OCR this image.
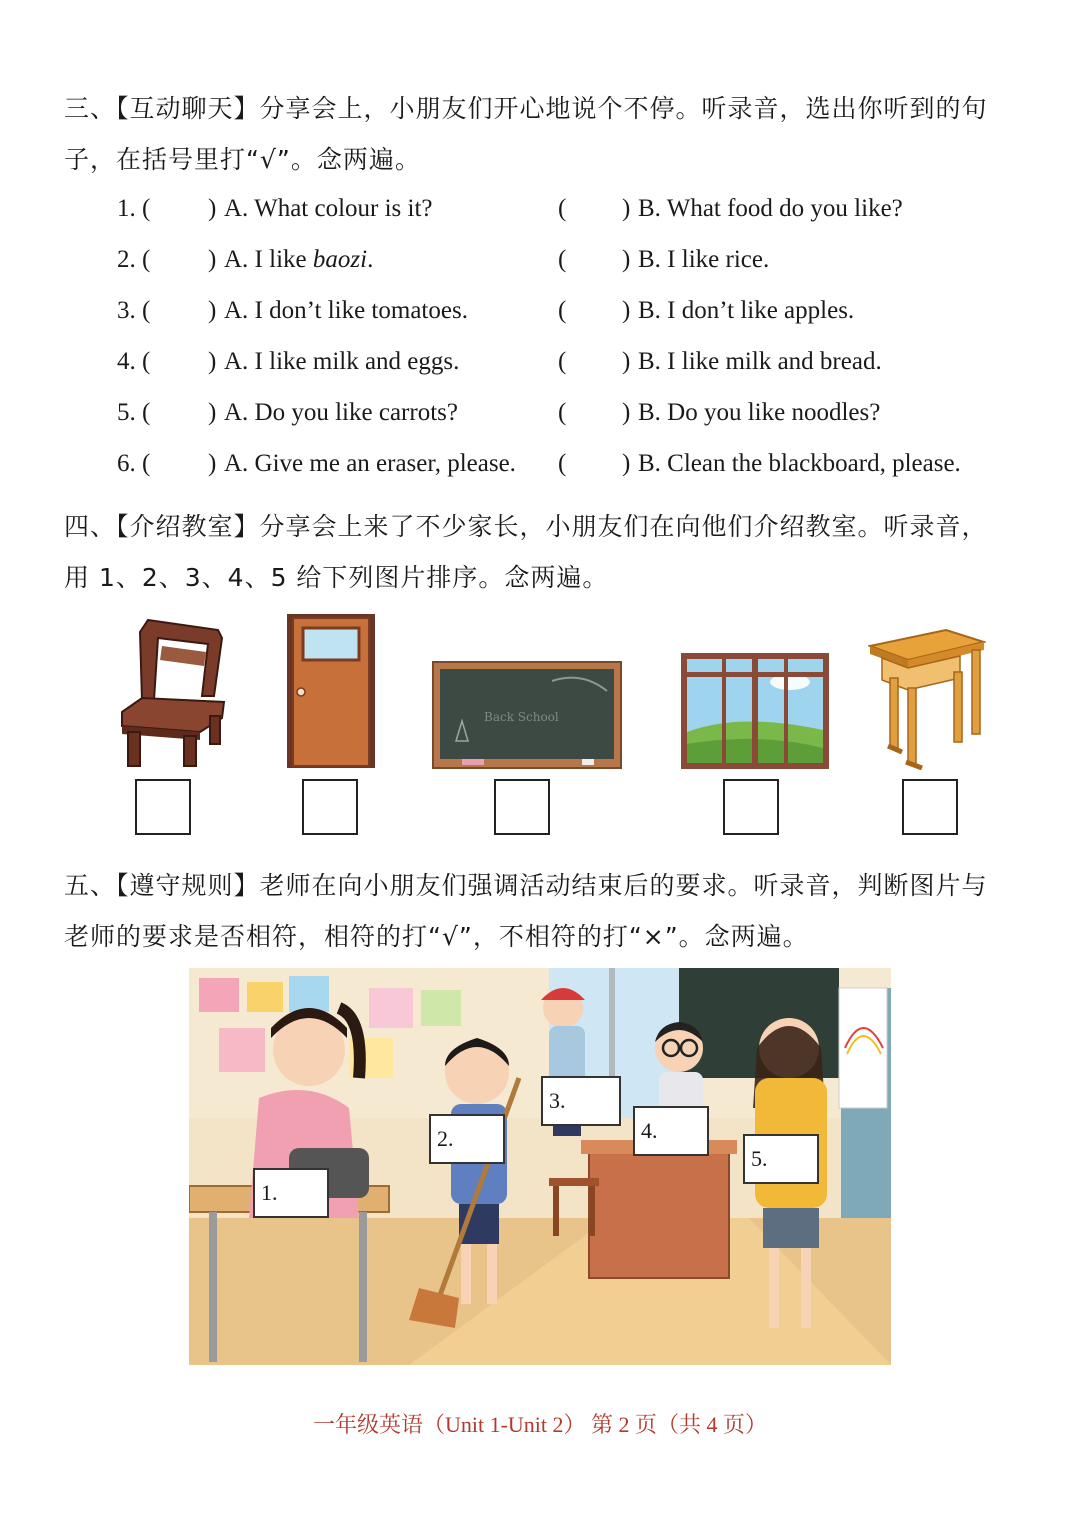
三、【互动聊天】分享会上，小朋友们开心地说个不停。听录音，选出你听到的句子，在括号里打“√”。念两遍。
1. ( ) A. What colour is it?	( ) B. What food do you like?
2. ( ) A. I like baozi.	( ) B. I like rice.
3. ( ) A. I don’t like tomatoes.	( ) B. I don’t like apples.
4. ( ) A. I like milk and eggs.	( ) B. I like milk and bread.
5. ( ) A. Do you like carrots?	( ) B. Do you like noodles?
6. ( ) A. Give me an eraser, please. ( ) B. Clean the blackboard, please.
四、【介绍教室】分享会上来了不少家长，小朋友们在向他们介绍教室。听录音，用 1、2、3、4、5 给下列图片排序。念两遍。
Back School
五、【遵守规则】老师在向小朋友们强调活动结束后的要求。听录音，判断图片与老师的要求是否相符，相符的打“√”，不相符的打“×”。念两遍。
1.
2.
3.
4.
5.
一年级英语（Unit 1-Unit 2） 第 2 页（共 4 页）
